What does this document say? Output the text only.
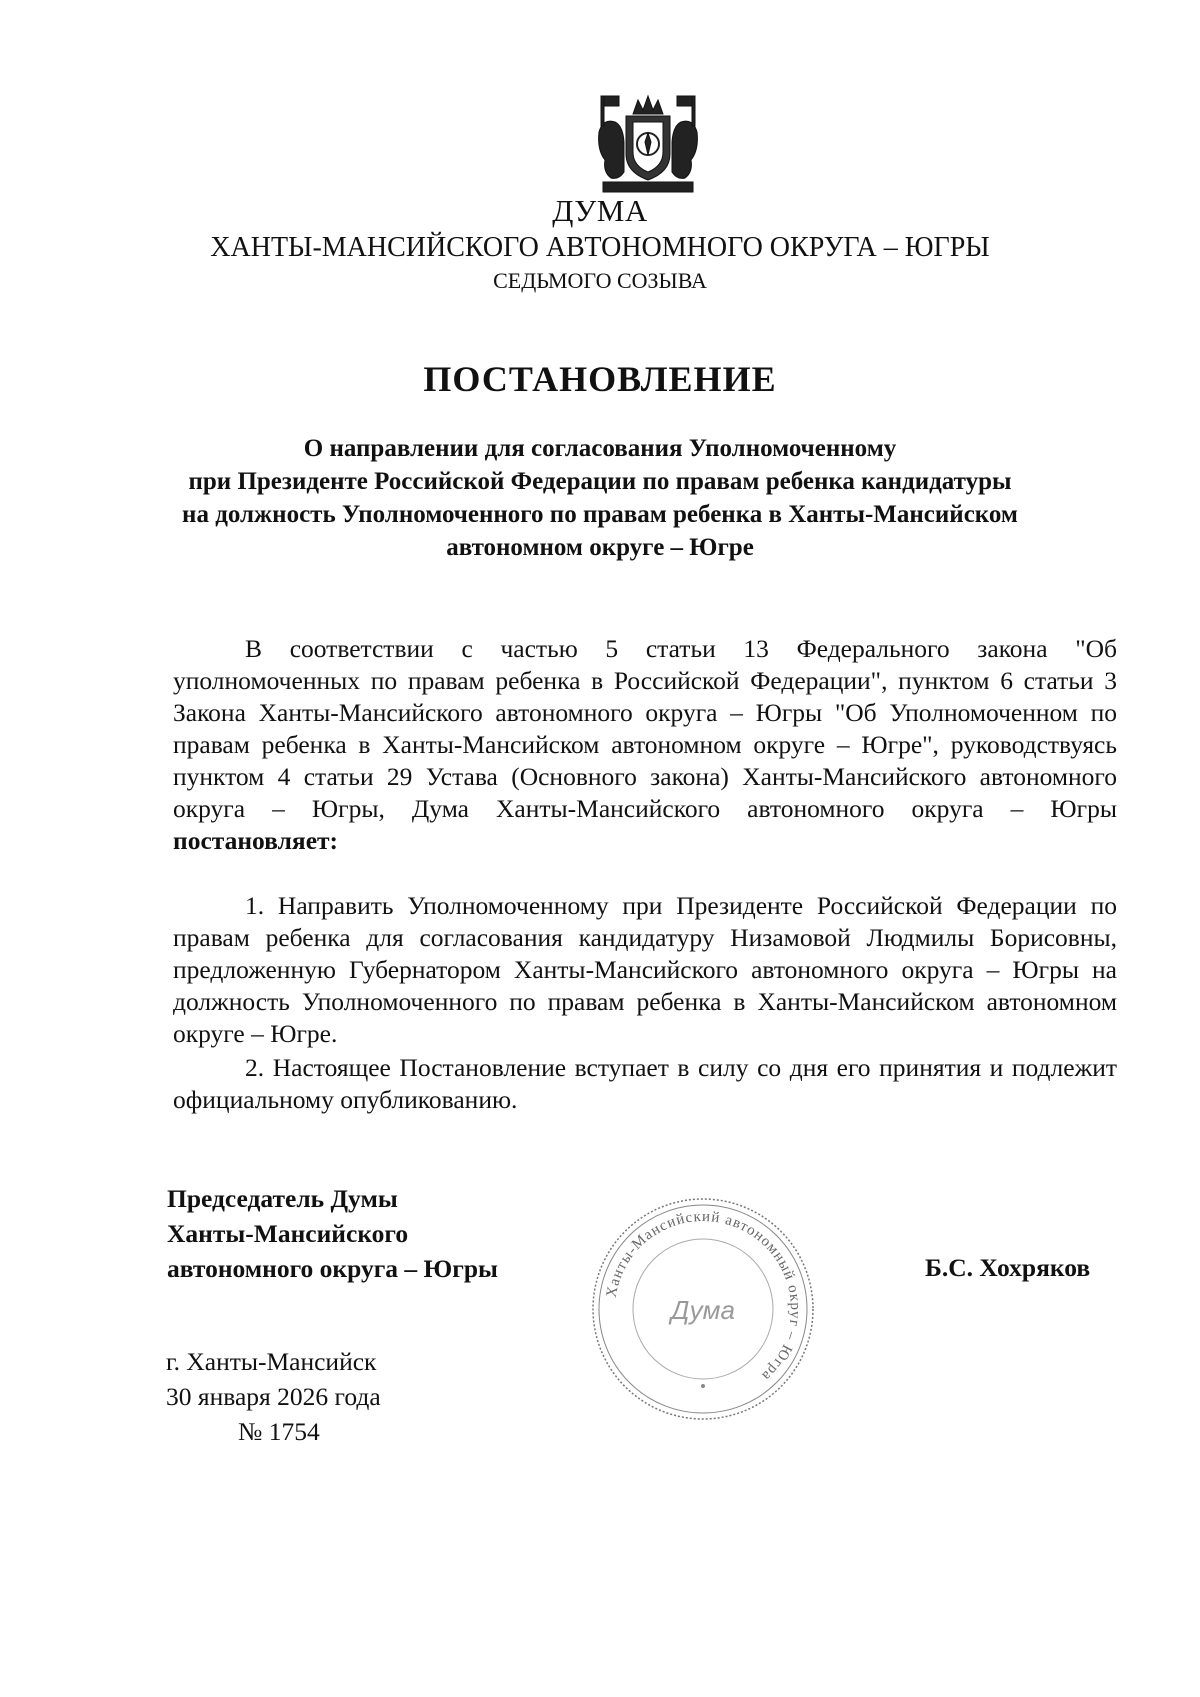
ДУМА
ХАНТЫ-МАНСИЙСКОГО АВТОНОМНОГО ОКРУГА – ЮГРЫ
СЕДЬМОГО СОЗЫВА
ПОСТАНОВЛЕНИЕ
О направлении для согласования Уполномоченному
при Президенте Российской Федерации по правам ребенка кандидатуры
на должность Уполномоченного по правам ребенка в Ханты-Мансийском
автономном округе – Югре
В соответствии с частью 5 статьи 13 Федерального закона "Об уполномоченных по правам ребенка в Российской Федерации", пунктом 6 статьи 3 Закона Ханты-Мансийского автономного округа – Югры "Об Уполномоченном по правам ребенка в Ханты-Мансийском автономном округе – Югре", руководствуясь пунктом 4 статьи 29 Устава (Основного закона) Ханты-Мансийского автономного округа – Югры, Дума Ханты-Мансийского автономного округа – Югры постановляет:
1. Направить Уполномоченному при Президенте Российской Федерации по правам ребенка для согласования кандидатуру Низамовой Людмилы Борисовны, предложенную Губернатором Ханты-Мансийского автономного округа – Югры на должность Уполномоченного по правам ребенка в Ханты-Мансийском автономном округе – Югре.
2. Настоящее Постановление вступает в силу со дня его принятия и подлежит официальному опубликованию.
Председатель Думы
Ханты-Мансийского
автономного округа – Югры
Ханты-Мансийский автономный округ – Югра
Дума
Б.С. Хохряков
г. Ханты-Мансийск
30 января 2026 года
№ 1754
